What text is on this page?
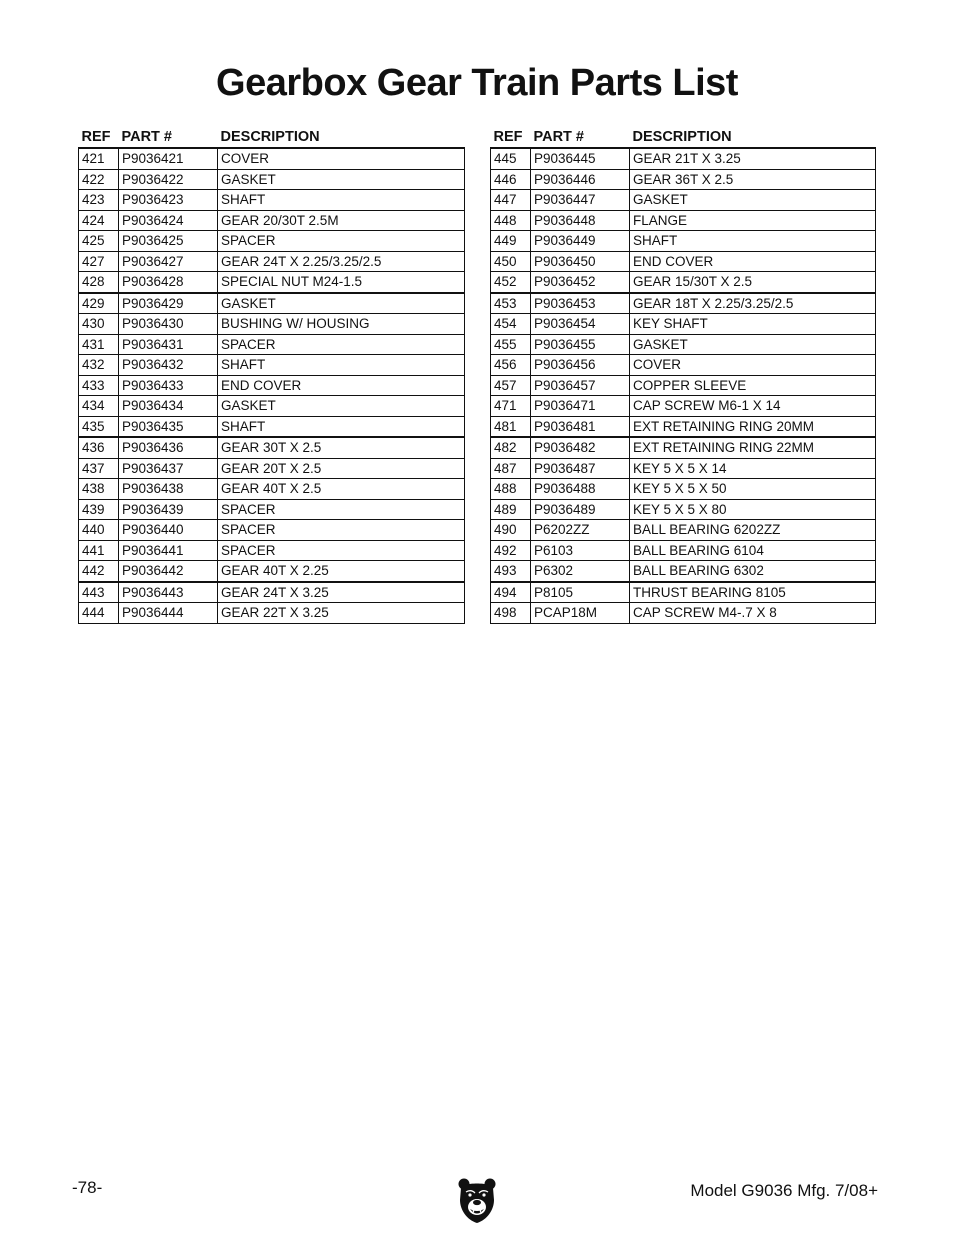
Gearbox Gear Train Parts List
REF	PART #	DESCRIPTION
421	P9036421	COVER
422	P9036422	GASKET
423	P9036423	SHAFT
424	P9036424	GEAR 20/30T 2.5M
425	P9036425	SPACER
427	P9036427	GEAR 24T X 2.25/3.25/2.5
428	P9036428	SPECIAL NUT M24-1.5
429	P9036429	GASKET
430	P9036430	BUSHING W/ HOUSING
431	P9036431	SPACER
432	P9036432	SHAFT
433	P9036433	END COVER
434	P9036434	GASKET
435	P9036435	SHAFT
436	P9036436	GEAR 30T X 2.5
437	P9036437	GEAR 20T X 2.5
438	P9036438	GEAR 40T X 2.5
439	P9036439	SPACER
440	P9036440	SPACER
441	P9036441	SPACER
442	P9036442	GEAR 40T X 2.25
443	P9036443	GEAR 24T X 3.25
444	P9036444	GEAR 22T X 3.25
REF	PART #	DESCRIPTION
445	P9036445	GEAR 21T X 3.25
446	P9036446	GEAR 36T X 2.5
447	P9036447	GASKET
448	P9036448	FLANGE
449	P9036449	SHAFT
450	P9036450	END COVER
452	P9036452	GEAR 15/30T X 2.5
453	P9036453	GEAR 18T X 2.25/3.25/2.5
454	P9036454	KEY SHAFT
455	P9036455	GASKET
456	P9036456	COVER
457	P9036457	COPPER SLEEVE
471	P9036471	CAP SCREW M6-1 X 14
481	P9036481	EXT RETAINING RING 20MM
482	P9036482	EXT RETAINING RING 22MM
487	P9036487	KEY 5 X 5 X 14
488	P9036488	KEY 5 X 5 X 50
489	P9036489	KEY 5 X 5 X 80
490	P6202ZZ	BALL BEARING 6202ZZ
492	P6103	BALL BEARING 6104
493	P6302	BALL BEARING 6302
494	P8105	THRUST BEARING 8105
498	PCAP18M	CAP SCREW M4-.7 X 8
-78-	Model G9036 Mfg. 7/08+
